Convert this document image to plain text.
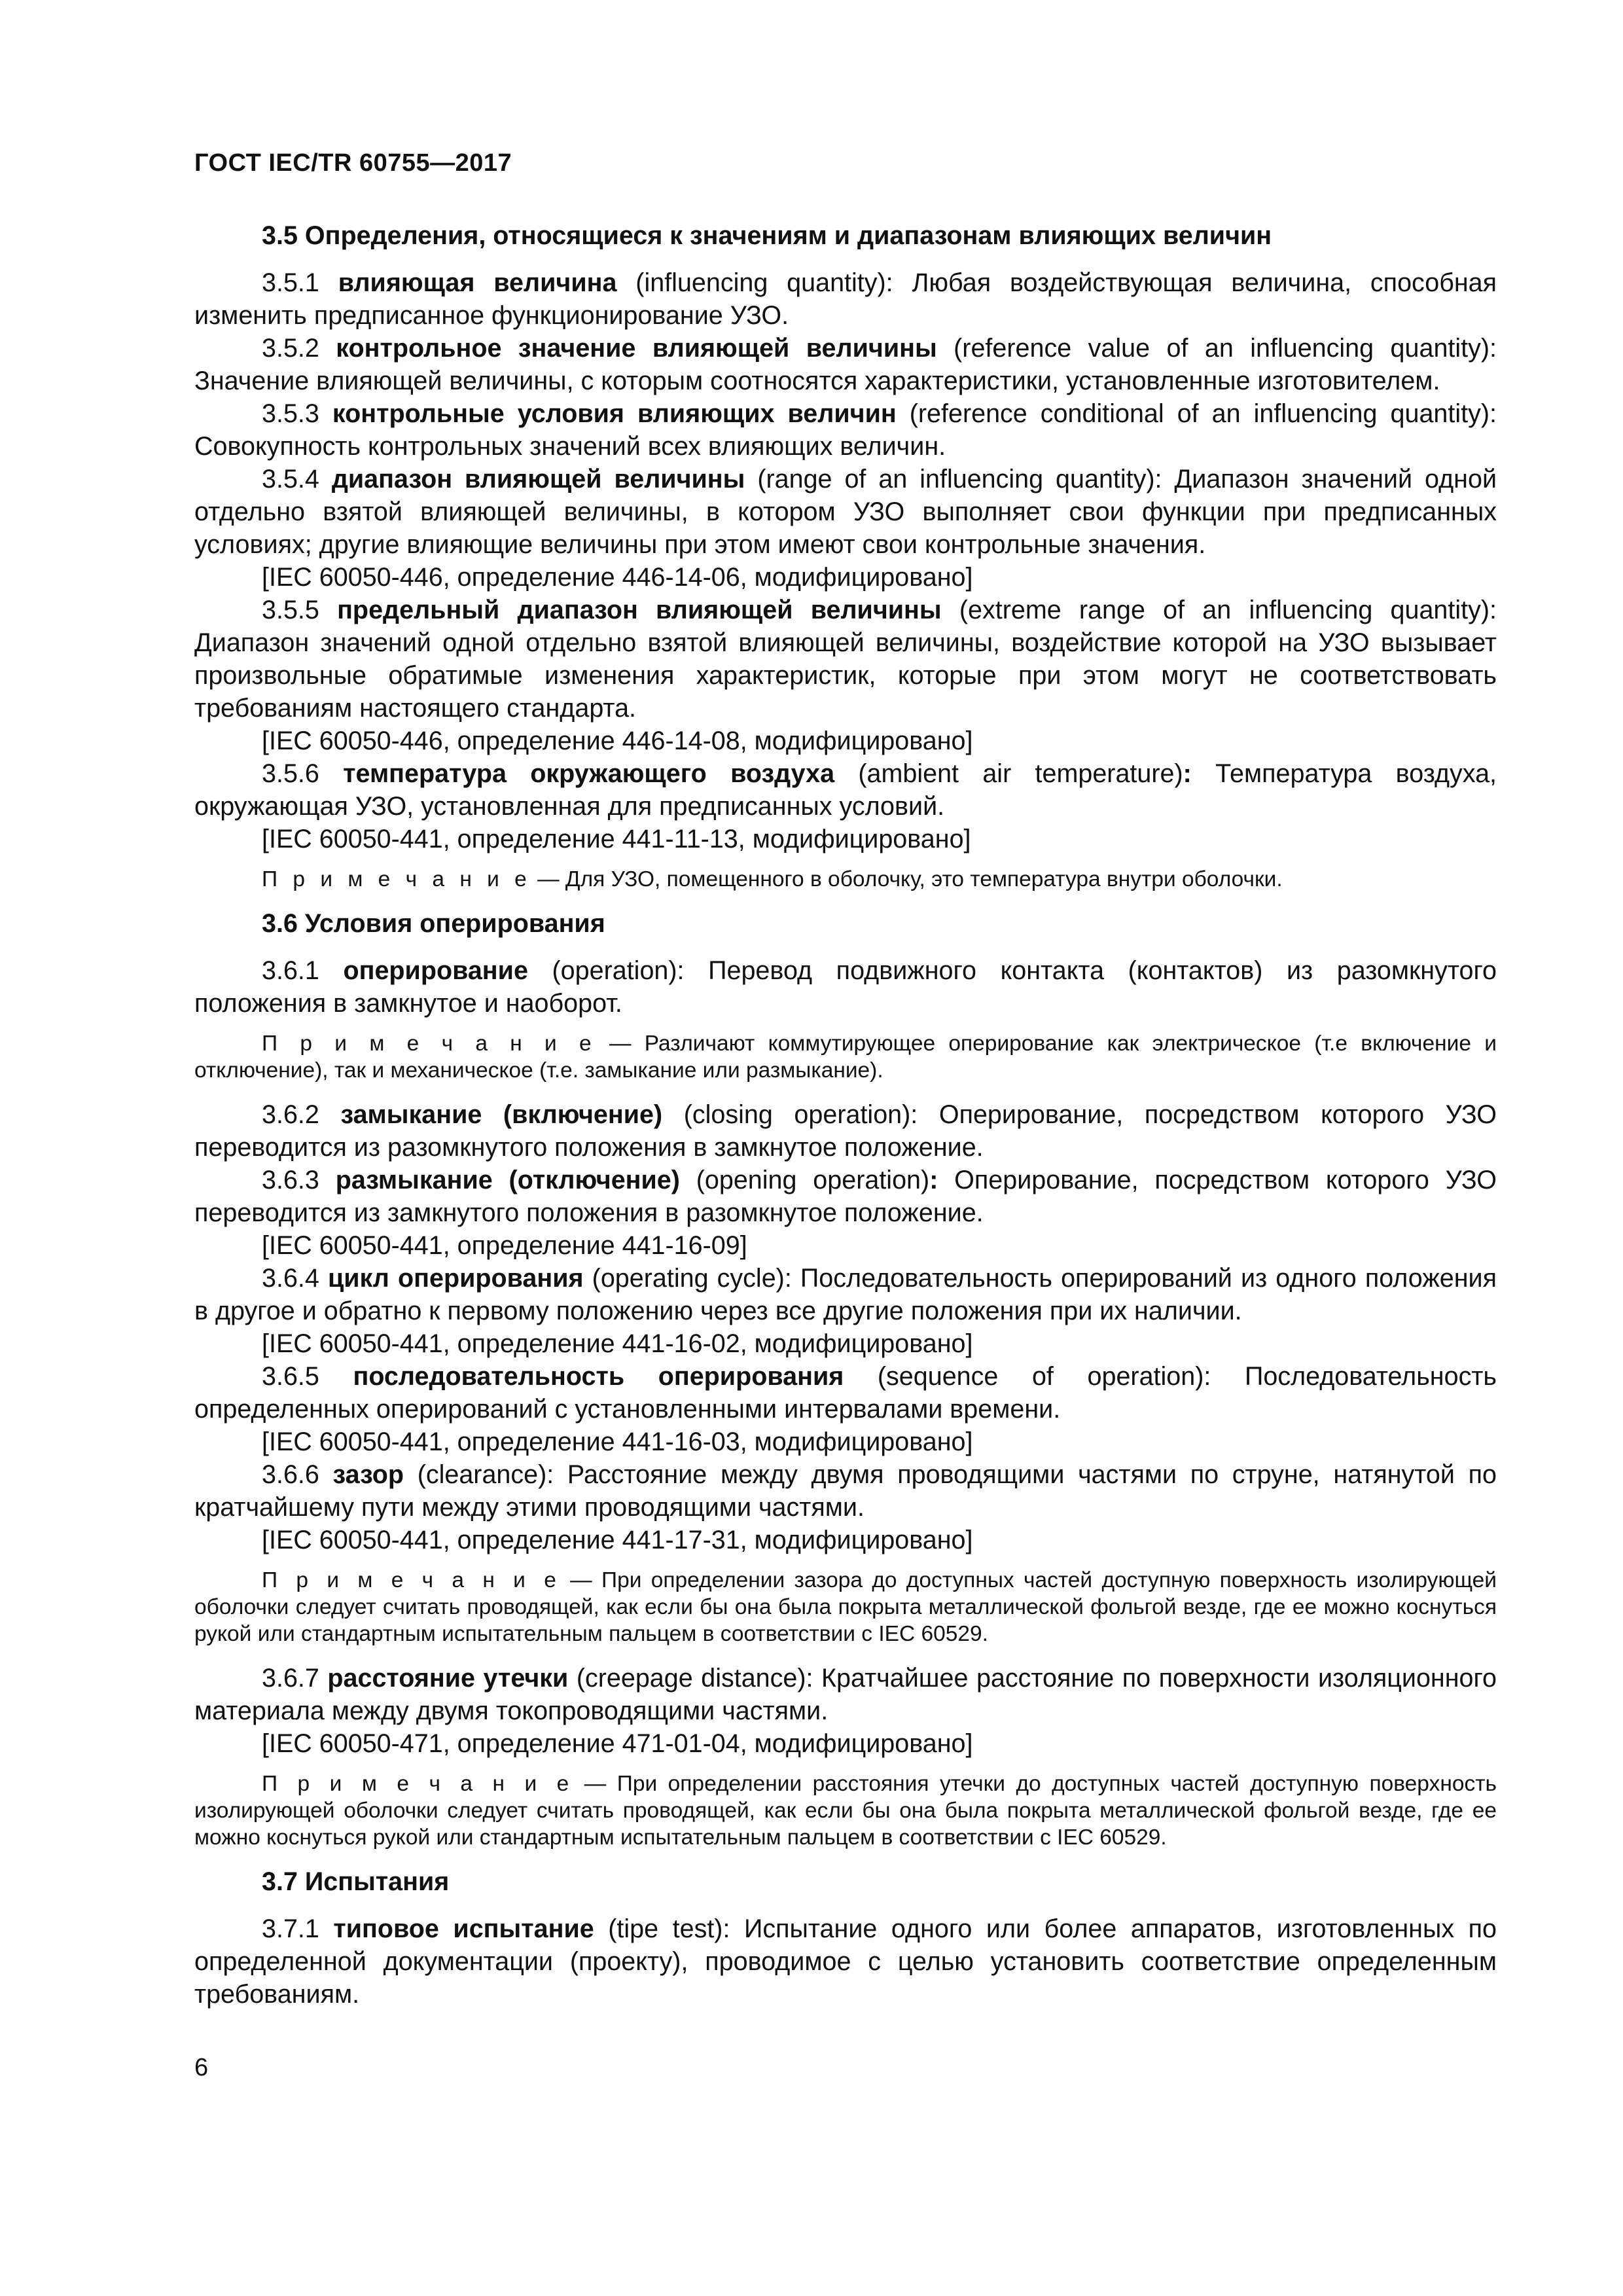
ГОСТ IEC/TR 60755—2017
3.5 Определения, относящиеся к значениям и диапазонам влияющих величин

3.5.1 влияющая величина (influencing quantity): Любая воздействующая величина, способная изменить предписанное функционирование УЗО.

3.5.2 контрольное значение влияющей величины (reference value of an influencing quantity): Значение влияющей величины, с которым соотносятся характеристики, установленные изготовителем.

3.5.3 контрольные условия влияющих величин (reference conditional of an influencing quantity): Совокупность контрольных значений всех влияющих величин.

3.5.4 диапазон влияющей величины (range of an influencing quantity): Диапазон значений одной отдельно взятой влияющей величины, в котором УЗО выполняет свои функции при предписанных условиях; другие влияющие величины при этом имеют свои контрольные значения.

[IEC 60050-446, определение 446-14-06, модифицировано]

3.5.5 предельный диапазон влияющей величины (extreme range of an influencing quantity): Диапазон значений одной отдельно взятой влияющей величины, воздействие которой на УЗО вызывает произвольные обратимые изменения характеристик, которые при этом могут не соответствовать требованиям настоящего стандарта.

[IEC 60050-446, определение 446-14-08, модифицировано]

3.5.6 температура окружающего воздуха (ambient air temperature): Температура воздуха, окружающая УЗО, установленная для предписанных условий.

[IEC 60050-441, определение 441-11-13, модифицировано]

П р и м е ч а н и е — Для УЗО, помещенного в оболочку, это температура внутри оболочки.

3.6 Условия оперирования

3.6.1 оперирование (operation): Перевод подвижного контакта (контактов) из разомкнутого положения в замкнутое и наоборот.

П р и м е ч а н и е — Различают коммутирующее оперирование как электрическое (т.е включение и отключение), так и механическое (т.е. замыкание или размыкание).

3.6.2 замыкание (включение) (closing operation): Оперирование, посредством которого УЗО переводится из разомкнутого положения в замкнутое положение.

3.6.3 размыкание (отключение) (opening operation): Оперирование, посредством которого УЗО переводится из замкнутого положения в разомкнутое положение.

[IEC 60050-441, определение 441-16-09]

3.6.4 цикл оперирования (operating cycle): Последовательность оперирований из одного положения в другое и обратно к первому положению через все другие положения при их наличии.

[IEC 60050-441, определение 441-16-02, модифицировано]

3.6.5 последовательность оперирования (sequence of operation): Последовательность определенных оперирований с установленными интервалами времени.

[IEC 60050-441, определение 441-16-03, модифицировано]

3.6.6 зазор (clearance): Расстояние между двумя проводящими частями по струне, натянутой по кратчайшему пути между этими проводящими частями.

[IEC 60050-441, определение 441-17-31, модифицировано]

П р и м е ч а н и е — При определении зазора до доступных частей доступную поверхность изолирующей оболочки следует считать проводящей, как если бы она была покрыта металлической фольгой везде, где ее можно коснуться рукой или стандартным испытательным пальцем в соответствии с IEC 60529.

3.6.7 расстояние утечки (creepage distance): Кратчайшее расстояние по поверхности изоляционного материала между двумя токопроводящими частями.

[IEC 60050-471, определение 471-01-04, модифицировано]

П р и м е ч а н и е — При определении расстояния утечки до доступных частей доступную поверхность изолирующей оболочки следует считать проводящей, как если бы она была покрыта металлической фольгой везде, где ее можно коснуться рукой или стандартным испытательным пальцем в соответствии с IEC 60529.

3.7 Испытания

3.7.1 типовое испытание (tipe test): Испытание одного или более аппаратов, изготовленных по определенной документации (проекту), проводимое с целью установить соответствие определенным требованиям.

6
